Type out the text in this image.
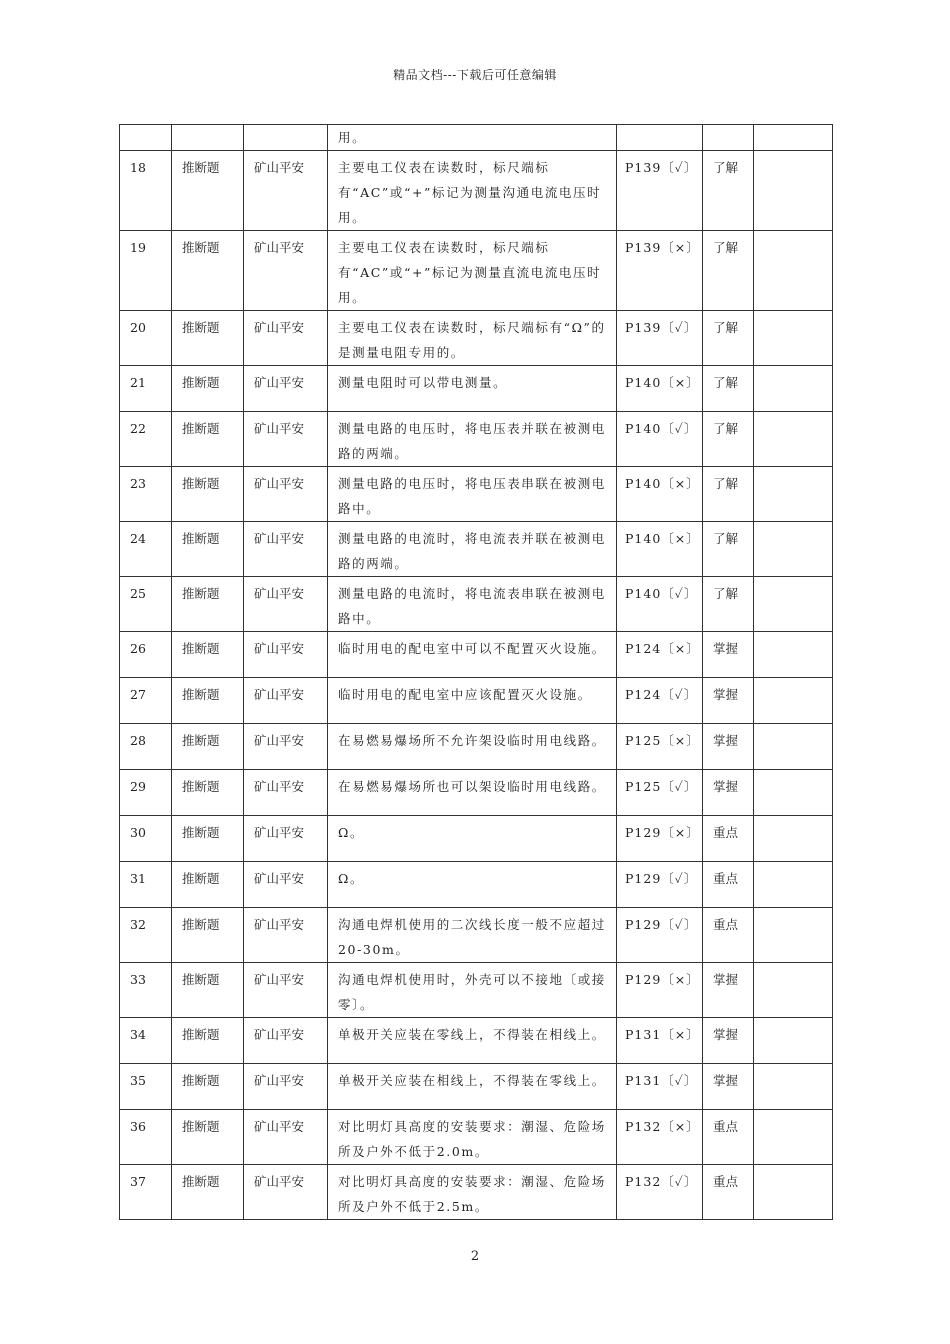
精品文档---下载后可任意编辑
			用。			
18	推断题	矿山平安	主要电工仪表在读数时，标尺端标有“AC”或“+”标记为测量沟通电流电压时用。	P139〔✓〕	了解	
19	推断题	矿山平安	主要电工仪表在读数时，标尺端标有“AC”或“+”标记为测量直流电流电压时用。	P139〔×〕	了解	
20	推断题	矿山平安	主要电工仪表在读数时，标尺端标有“Ω”的是测量电阻专用的。	P139〔✓〕	了解	
21	推断题	矿山平安	测量电阻时可以带电测量。	P140〔×〕	了解	
22	推断题	矿山平安	测量电路的电压时，将电压表并联在被测电路的两端。	P140〔✓〕	了解	
23	推断题	矿山平安	测量电路的电压时，将电压表串联在被测电路中。	P140〔×〕	了解	
24	推断题	矿山平安	测量电路的电流时，将电流表并联在被测电路的两端。	P140〔×〕	了解	
25	推断题	矿山平安	测量电路的电流时，将电流表串联在被测电路中。	P140〔✓〕	了解	
26	推断题	矿山平安	临时用电的配电室中可以不配置灭火设施。	P124〔×〕	掌握	
27	推断题	矿山平安	临时用电的配电室中应该配置灭火设施。	P124〔✓〕	掌握	
28	推断题	矿山平安	在易燃易爆场所不允许架设临时用电线路。	P125〔×〕	掌握	
29	推断题	矿山平安	在易燃易爆场所也可以架设临时用电线路。	P125〔✓〕	掌握	
30	推断题	矿山平安	Ω。	P129〔×〕	重点	
31	推断题	矿山平安	Ω。	P129〔✓〕	重点	
32	推断题	矿山平安	沟通电焊机使用的二次线长度一般不应超过20-30m。	P129〔✓〕	重点	
33	推断题	矿山平安	沟通电焊机使用时，外壳可以不接地〔或接零〕。	P129〔×〕	掌握	
34	推断题	矿山平安	单极开关应装在零线上，不得装在相线上。	P131〔×〕	掌握	
35	推断题	矿山平安	单极开关应装在相线上，不得装在零线上。	P131〔✓〕	掌握	
36	推断题	矿山平安	对比明灯具高度的安装要求：潮湿、危险场所及户外不低于2.0m。	P132〔×〕	重点	
37	推断题	矿山平安	对比明灯具高度的安装要求：潮湿、危险场所及户外不低于2.5m。	P132〔✓〕	重点	
2
